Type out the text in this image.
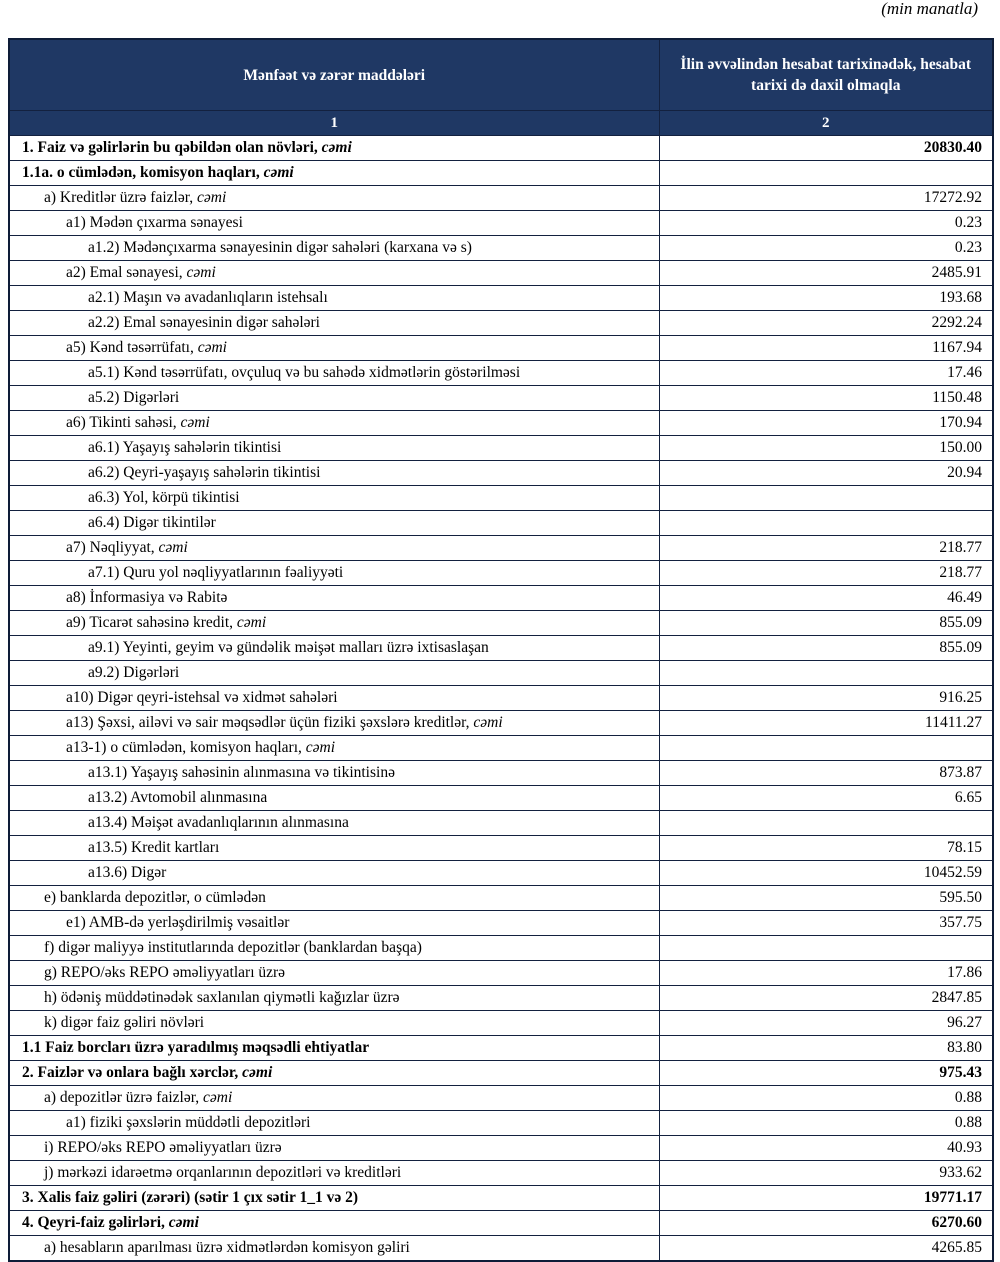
(min manatla)
Mənfəət və zərər maddələri	İlin əvvəlindən hesabat tarixinədək, hesabat tarixi də daxil olmaqla
1	2
1. Faiz və gəlirlərin bu qəbildən olan növləri, cəmi	20830.40
1.1a. o cümlədən, komisyon haqları, cəmi	
a) Kreditlər üzrə faizlər, cəmi	17272.92
a1) Mədən çıxarma sənayesi	0.23
a1.2) Mədənçıxarma sənayesinin digər sahələri (karxana və s)	0.23
a2) Emal sənayesi, cəmi	2485.91
a2.1) Maşın və avadanlıqların istehsalı	193.68
a2.2) Emal sənayesinin digər sahələri	2292.24
a5) Kənd təsərrüfatı, cəmi	1167.94
a5.1) Kənd təsərrüfatı, ovçuluq və bu sahədə xidmətlərin göstərilməsi	17.46
a5.2) Digərləri	1150.48
a6) Tikinti sahəsi, cəmi	170.94
a6.1) Yaşayış sahələrin tikintisi	150.00
a6.2) Qeyri-yaşayış sahələrin tikintisi	20.94
a6.3) Yol, körpü tikintisi	
a6.4) Digər tikintilər	
a7) Nəqliyyat, cəmi	218.77
a7.1) Quru yol nəqliyyatlarının fəaliyyəti	218.77
a8) İnformasiya və Rabitə	46.49
a9) Ticarət sahəsinə kredit, cəmi	855.09
a9.1) Yeyinti, geyim və gündəlik məişət malları üzrə ixtisaslaşan	855.09
a9.2) Digərləri	
a10) Digər qeyri-istehsal və xidmət sahələri	916.25
a13) Şəxsi, ailəvi və sair məqsədlər üçün fiziki şəxslərə kreditlər, cəmi	11411.27
a13-1) o cümlədən, komisyon haqları, cəmi	
a13.1) Yaşayış sahəsinin alınmasına və tikintisinə	873.87
a13.2) Avtomobil alınmasına	6.65
a13.4) Məişət avadanlıqlarının alınmasına	
a13.5) Kredit kartları	78.15
a13.6) Digər	10452.59
e) banklarda depozitlər, o cümlədən	595.50
e1) AMB-də yerləşdirilmiş vəsaitlər	357.75
f) digər maliyyə institutlarında depozitlər (banklardan başqa)	
g) REPO/əks REPO əməliyyatları üzrə	17.86
h) ödəniş müddətinədək saxlanılan qiymətli kağızlar üzrə	2847.85
k) digər faiz gəliri növləri	96.27
1.1 Faiz borcları üzrə yaradılmış məqsədli ehtiyatlar	83.80
2. Faizlər və onlara bağlı xərclər, cəmi	975.43
a) depozitlər üzrə faizlər, cəmi	0.88
a1) fiziki şəxslərin müddətli depozitləri	0.88
i) REPO/əks REPO əməliyyatları üzrə	40.93
j) mərkəzi idarəetmə orqanlarının depozitləri və kreditləri	933.62
3. Xalis faiz gəliri (zərəri) (sətir 1 çıx sətir 1_1 və 2)	19771.17
4. Qeyri-faiz gəlirləri, cəmi	6270.60
a) hesabların aparılması üzrə xidmətlərdən komisyon gəliri	4265.85
